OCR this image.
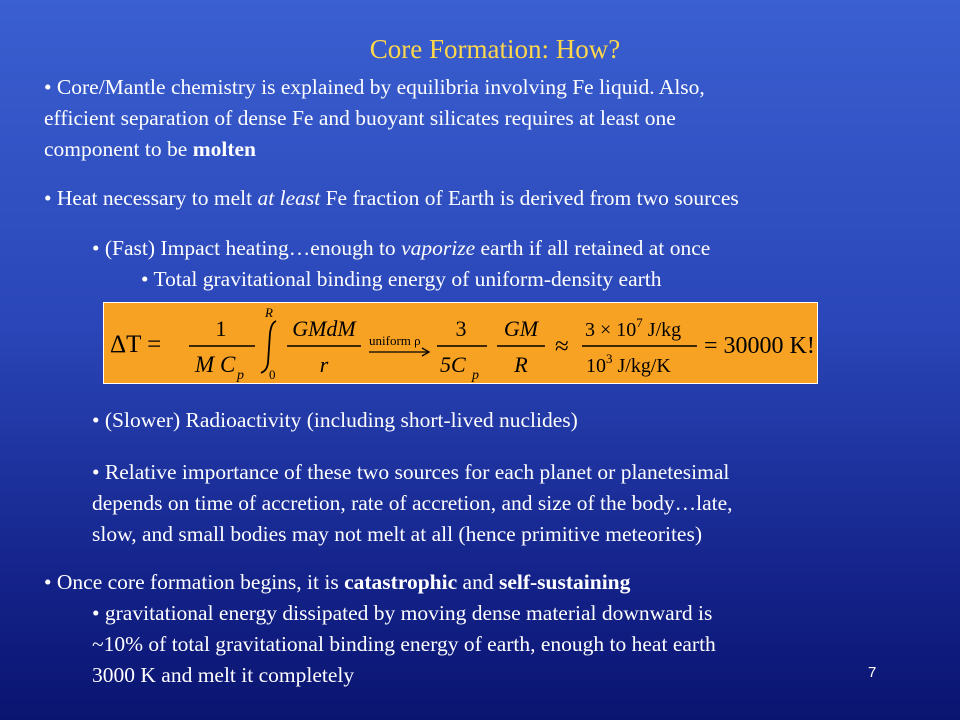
Core Formation: How?
• Core/Mantle chemistry is explained by equilibria involving Fe liquid. Also,
efficient separation of dense Fe and buoyant silicates requires at least one
component to be molten
• Heat necessary to melt at least Fe fraction of Earth is derived from two sources
• (Fast) Impact heating…enough to vaporize earth if all retained at once
• Total gravitational binding energy of uniform-density earth
ΔT =
1
M C p
R
0
GMdM
r
uniform ρ 3
5C p
GM
R
≈
$3 \times 10^7$ J/kg
$10^3$ J/kg/K
= 30000 K!
• (Slower) Radioactivity (including short-lived nuclides)
• Relative importance of these two sources for each planet or planetesimal
depends on time of accretion, rate of accretion, and size of the body…late,
slow, and small bodies may not melt at all (hence primitive meteorites)
• Once core formation begins, it is catastrophic and self-sustaining
• gravitational energy dissipated by moving dense material downward is
~10% of total gravitational binding energy of earth, enough to heat earth
3000 K and melt it completely	7
